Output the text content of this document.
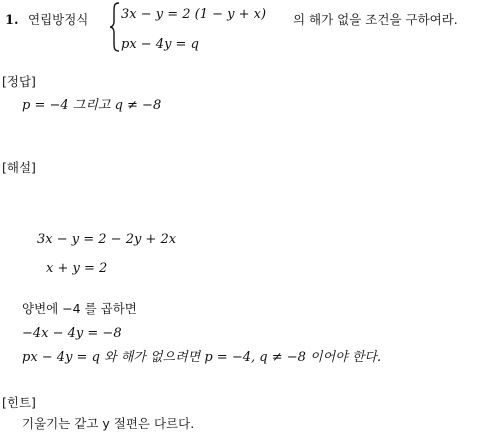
1. 연립방정식	3x − y = 2 (1 − y + x)
px − 4y = q
의 해가 없을 조건을 구하여라.
[정답]
p = −4 그리고 q ≠ −8
[해설]
3x − y = 2 − 2y + 2x
x + y = 2
양변에 −4 를 곱하면
−4x − 4y = −8
px − 4y = q 와 해가 없으려면 p = −4, q ≠ −8 이어야 한다.
[힌트]
기울기는 같고 y 절편은 다르다.
